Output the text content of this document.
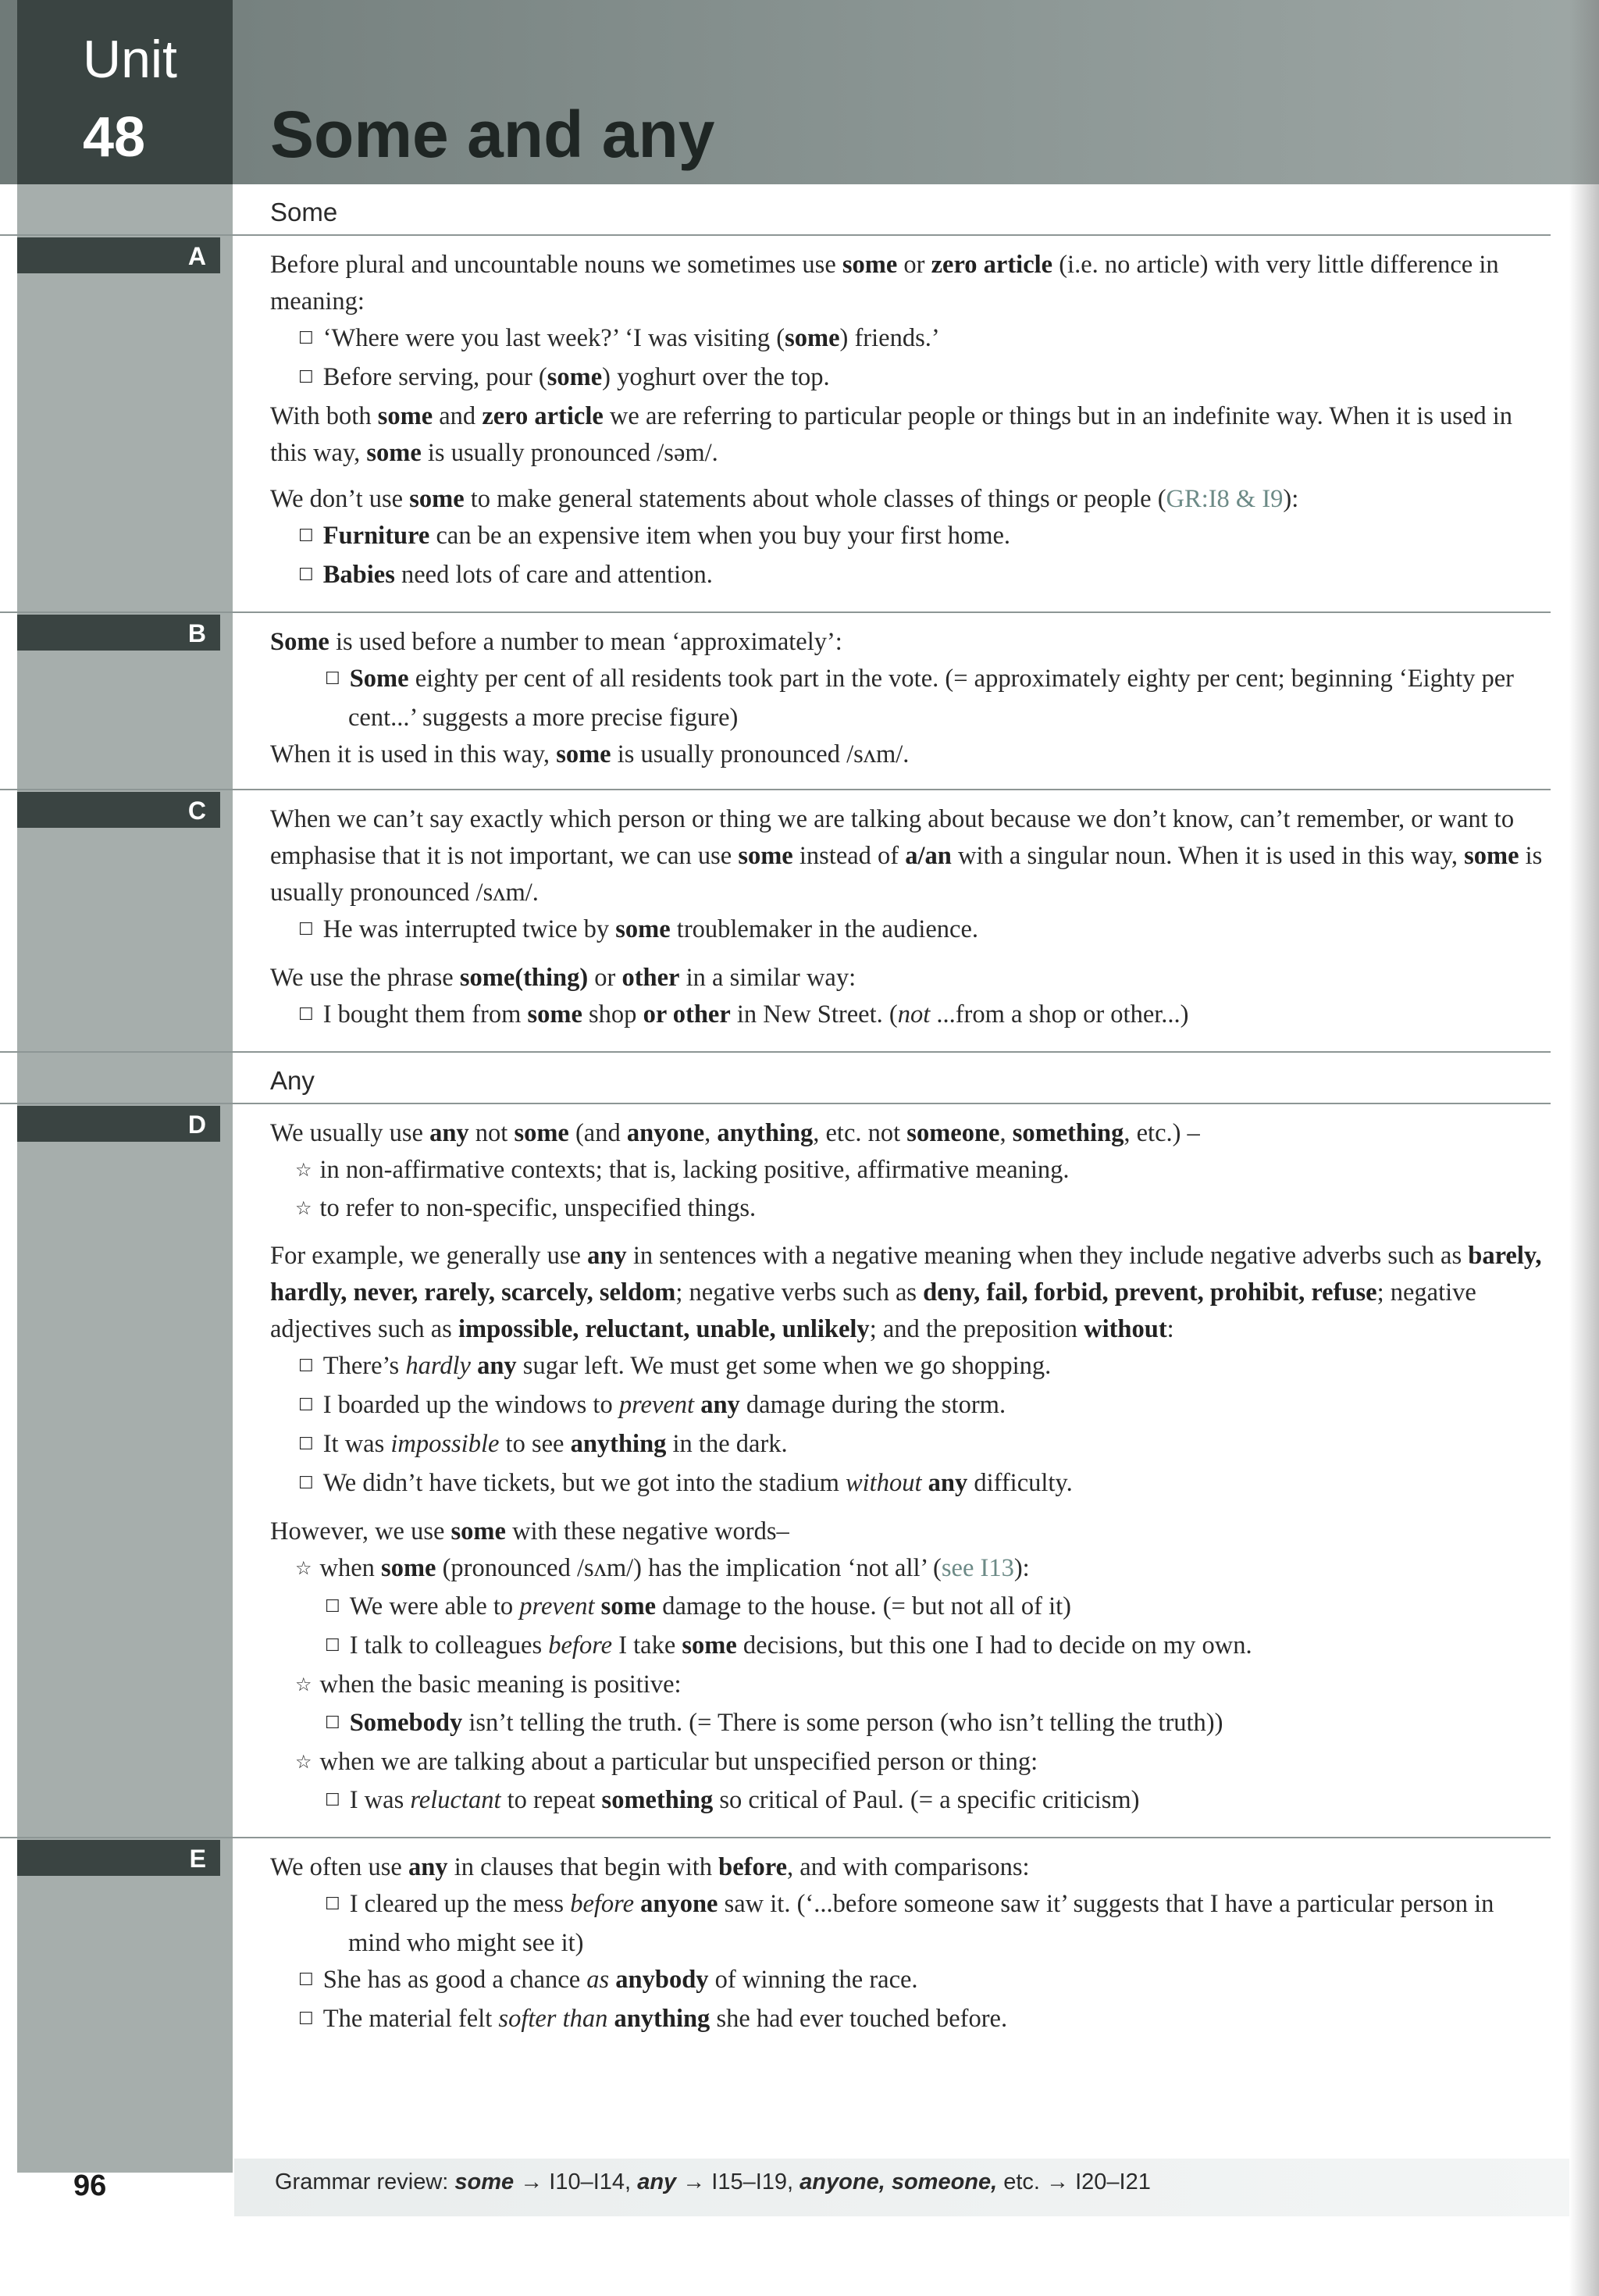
Unit
48 Some and any
Some
A	Before plural and uncountable nouns we sometimes use some or zero article (i.e. no article) with very little difference in meaning:

☐ ‘Where were you last week?’ ‘I was visiting (some) friends.’

☐ Before serving, pour (some) yoghurt over the top.

With both some and zero article we are referring to particular people or things but in an indefinite way. When it is used in this way, some is usually pronounced /səm/.

We don’t use some to make general statements about whole classes of things or people (GR:I8 & I9):

☐ Furniture can be an expensive item when you buy your first home.

☐ Babies need lots of care and attention.

B	Some is used before a number to mean ‘approximately’:

☐ Some eighty per cent of all residents took part in the vote. (= approximately eighty per cent; beginning ‘Eighty per cent...’ suggests a more precise figure)

When it is used in this way, some is usually pronounced /sʌm/.

C	When we can’t say exactly which person or thing we are talking about because we don’t know, can’t remember, or want to emphasise that it is not important, we can use some instead of a/an with a singular noun. When it is used in this way, some is usually pronounced /sʌm/.

☐ He was interrupted twice by some troublemaker in the audience.

We use the phrase some(thing) or other in a similar way:

☐ I bought them from some shop or other in New Street. (not ...from a shop or other...)

Any
D	We usually use any not some (and anyone, anything, etc. not someone, something, etc.) –

☆ in non-affirmative contexts; that is, lacking positive, affirmative meaning.

☆ to refer to non-specific, unspecified things.

For example, we generally use any in sentences with a negative meaning when they include negative adverbs such as barely, hardly, never, rarely, scarcely, seldom; negative verbs such as deny, fail, forbid, prevent, prohibit, refuse; negative adjectives such as impossible, reluctant, unable, unlikely; and the preposition without:

☐ There’s hardly any sugar left. We must get some when we go shopping.

☐ I boarded up the windows to prevent any damage during the storm.

☐ It was impossible to see anything in the dark.

☐ We didn’t have tickets, but we got into the stadium without any difficulty.

However, we use some with these negative words–

☆ when some (pronounced /sʌm/) has the implication ‘not all’ (see I13):

☐ We were able to prevent some damage to the house. (= but not all of it)

☐ I talk to colleagues before I take some decisions, but this one I had to decide on my own.

☆ when the basic meaning is positive:

☐ Somebody isn’t telling the truth. (= There is some person (who isn’t telling the truth))

☆ when we are talking about a particular but unspecified person or thing:

☐ I was reluctant to repeat something so critical of Paul. (= a specific criticism)

E	We often use any in clauses that begin with before, and with comparisons:

☐ I cleared up the mess before anyone saw it. (‘...before someone saw it’ suggests that I have a particular person in mind who might see it)

☐ She has as good a chance as anybody of winning the race.

☐ The material felt softer than anything she had ever touched before.

96	Grammar review: some → I10–I14, any → I15–I19, anyone, someone, etc. → I20–I21
